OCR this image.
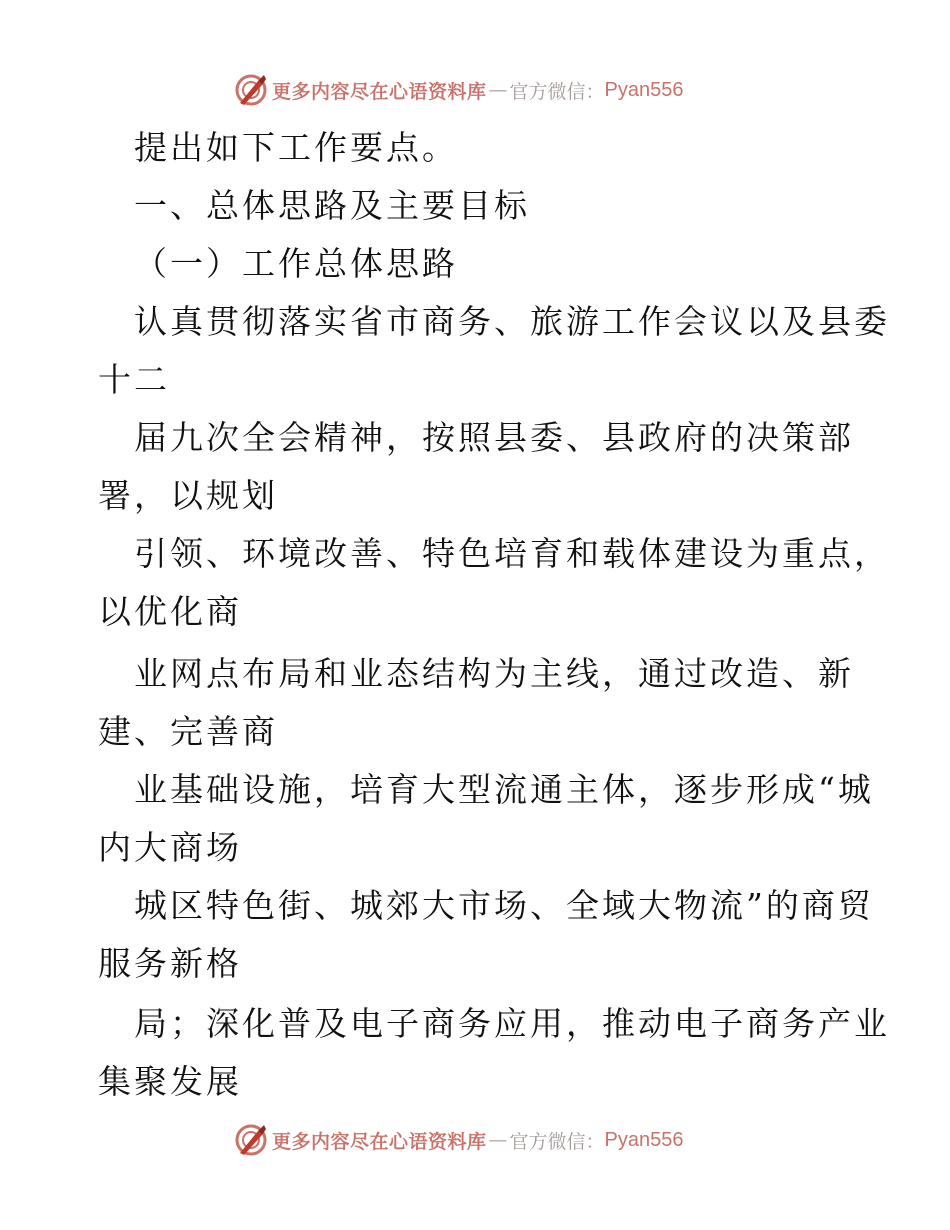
更多内容尽在心语资料库 — 官方微信： Pyan556
提出如下工作要点。
一、总体思路及主要目标
（一）工作总体思路
认真贯彻落实省市商务、旅游工作会议以及县委
十二
届九次全会精神，按照县委、县政府的决策部
署，以规划
引领、环境改善、特色培育和载体建设为重点，
以优化商
业网点布局和业态结构为主线，通过改造、新
建、完善商
业基础设施，培育大型流通主体，逐步形成“城
内大商场
城区特色街、城郊大市场、全域大物流”的商贸
服务新格
局；深化普及电子商务应用，推动电子商务产业
集聚发展
更多内容尽在心语资料库 — 官方微信： Pyan556
